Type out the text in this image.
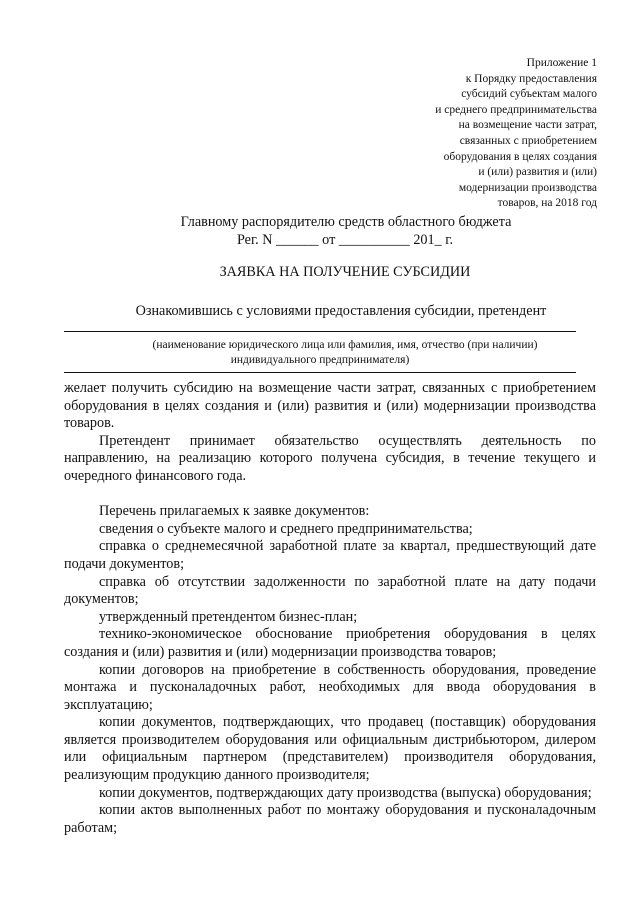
Приложение 1
к Порядку предоставления
субсидий субъектам малого
и среднего предпринимательства
на возмещение части затрат,
связанных с приобретением
оборудования в целях создания
и (или) развития и (или)
модернизации производства
товаров, на 2018 год
Главному распорядителю средств областного бюджета
Рег. N ______ от __________ 201_ г.
ЗАЯВКА НА ПОЛУЧЕНИЕ СУБСИДИИ
Ознакомившись с условиями предоставления субсидии, претендент
(наименование юридического лица или фамилия, имя, отчество (при наличии)
индивидуального предпринимателя)

желает получить субсидию на возмещение части затрат, связанных с приобретением оборудования в целях создания и (или) развития и (или) модернизации производства товаров.

Претендент принимает обязательство осуществлять деятельность по направлению, на реализацию которого получена субсидия, в течение текущего и очередного финансового года.

Перечень прилагаемых к заявке документов:

сведения о субъекте малого и среднего предпринимательства;

справка о среднемесячной заработной плате за квартал, предшествующий дате подачи документов;

справка об отсутствии задолженности по заработной плате на дату подачи документов;

утвержденный претендентом бизнес-план;

технико-экономическое обоснование приобретения оборудования в целях создания и (или) развития и (или) модернизации производства товаров;

копии договоров на приобретение в собственность оборудования, проведение монтажа и пусконаладочных работ, необходимых для ввода оборудования в эксплуатацию;

копии документов, подтверждающих, что продавец (поставщик) оборудования является производителем оборудования или официальным дистрибьютором, дилером или официальным партнером (представителем) производителя оборудования, реализующим продукцию данного производителя;

копии документов, подтверждающих дату производства (выпуска) оборудования;

копии актов выполненных работ по монтажу оборудования и пусконаладочным работам;
